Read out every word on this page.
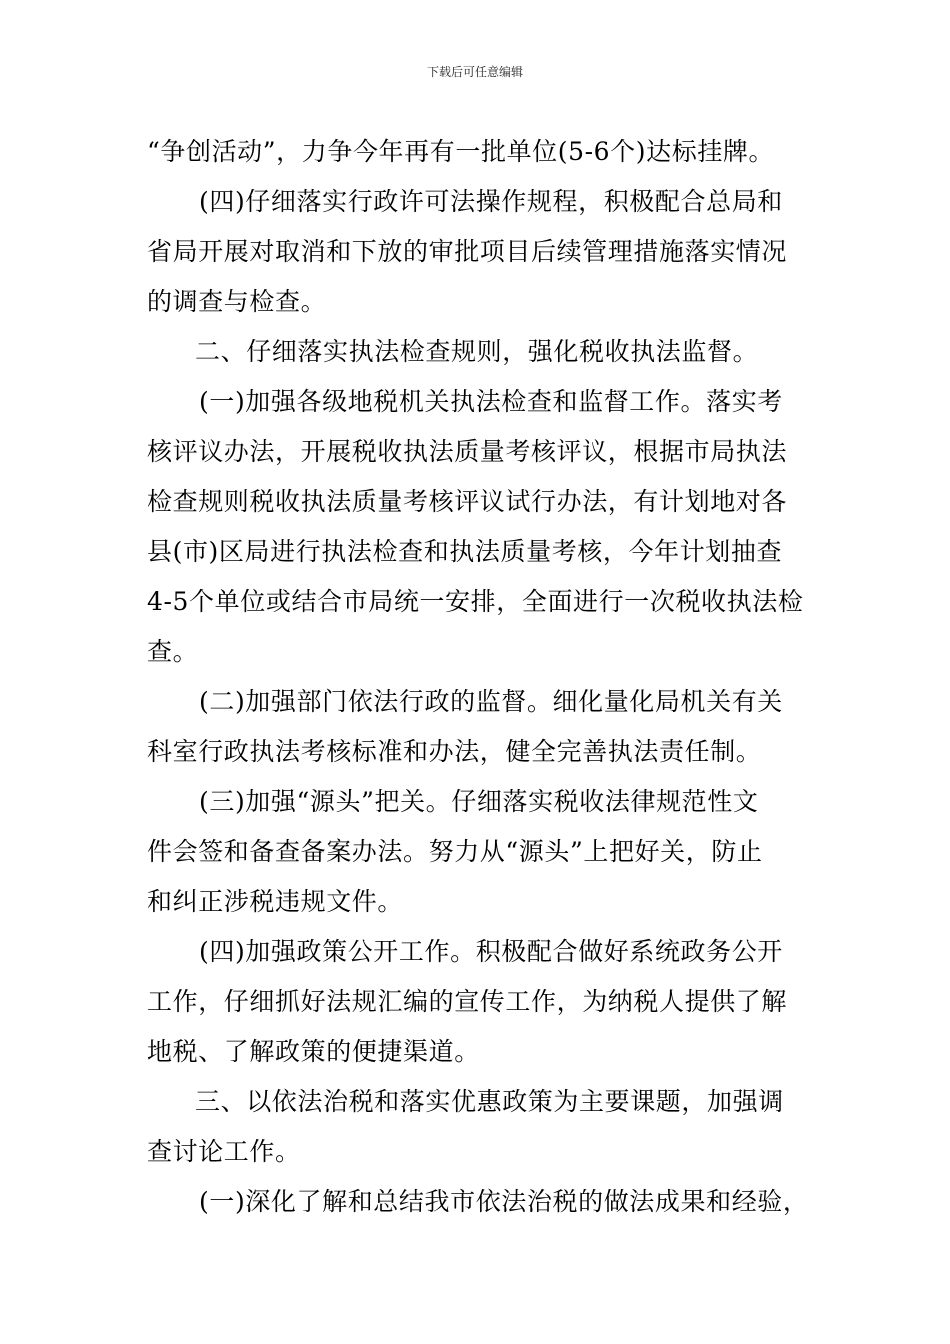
下载后可任意编辑
“争创活动”，力争今年再有一批单位(5-6个)达标挂牌。
(四)仔细落实行政许可法操作规程，积极配合总局和
省局开展对取消和下放的审批项目后续管理措施落实情况
的调查与检查。
二、仔细落实执法检查规则，强化税收执法监督。
(一)加强各级地税机关执法检查和监督工作。落实考
核评议办法，开展税收执法质量考核评议，根据市局执法
检查规则税收执法质量考核评议试行办法，有计划地对各
县(市)区局进行执法检查和执法质量考核，今年计划抽查
4-5个单位或结合市局统一安排，全面进行一次税收执法检
查。
(二)加强部门依法行政的监督。细化量化局机关有关
科室行政执法考核标准和办法，健全完善执法责任制。
(三)加强“源头”把关。仔细落实税收法律规范性文
件会签和备查备案办法。努力从“源头”上把好关，防止
和纠正涉税违规文件。
(四)加强政策公开工作。积极配合做好系统政务公开
工作，仔细抓好法规汇编的宣传工作，为纳税人提供了解
地税、了解政策的便捷渠道。
三、以依法治税和落实优惠政策为主要课题，加强调
查讨论工作。
(一)深化了解和总结我市依法治税的做法成果和经验，
